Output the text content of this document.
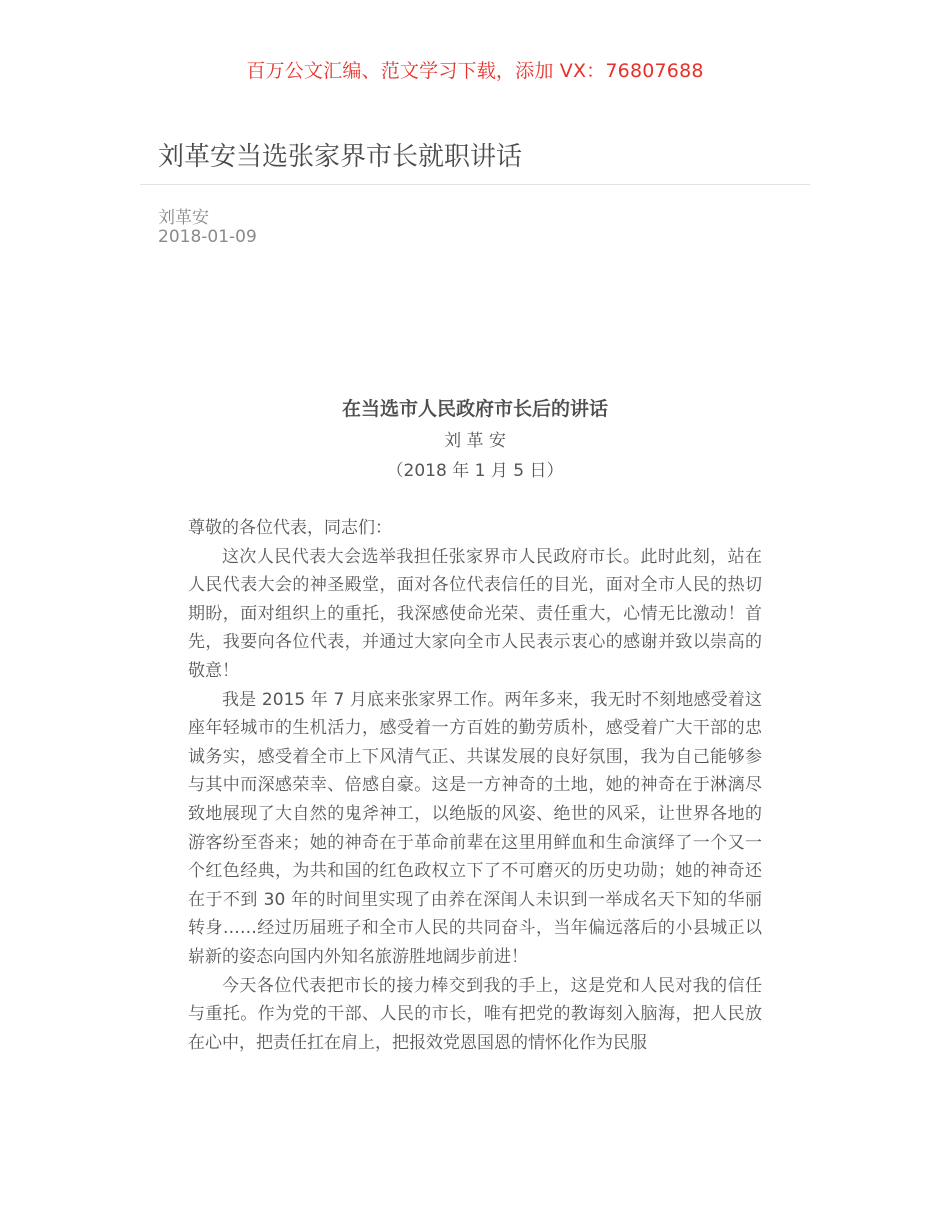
百万公文汇编、范文学习下载，添加 VX：76807688
刘革安当选张家界市长就职讲话
刘革安
2018-01-09
在当选市人民政府市长后的讲话
刘 革 安
（2018 年 1 月 5 日）

尊敬的各位代表，同志们：

这次人民代表大会选举我担任张家界市人民政府市长。此时此刻，站在人民代表大会的神圣殿堂，面对各位代表信任的目光，面对全市人民的热切期盼，面对组织上的重托，我深感使命光荣、责任重大，心情无比激动！首先，我要向各位代表，并通过大家向全市人民表示衷心的感谢并致以崇高的敬意！

我是 2015 年 7 月底来张家界工作。两年多来，我无时不刻地感受着这座年轻城市的生机活力，感受着一方百姓的勤劳质朴，感受着广大干部的忠诚务实，感受着全市上下风清气正、共谋发展的良好氛围，我为自己能够参与其中而深感荣幸、倍感自豪。这是一方神奇的土地，她的神奇在于淋漓尽致地展现了大自然的鬼斧神工，以绝版的风姿、绝世的风采，让世界各地的游客纷至沓来；她的神奇在于革命前辈在这里用鲜血和生命演绎了一个又一个红色经典，为共和国的红色政权立下了不可磨灭的历史功勋；她的神奇还在于不到 30 年的时间里实现了由养在深闺人未识到一举成名天下知的华丽转身……经过历届班子和全市人民的共同奋斗，当年偏远落后的小县城正以崭新的姿态向国内外知名旅游胜地阔步前进！

今天各位代表把市长的接力棒交到我的手上，这是党和人民对我的信任与重托。作为党的干部、人民的市长，唯有把党的教诲刻入脑海，把人民放在心中，把责任扛在肩上，把报效党恩国恩的情怀化作为民服
